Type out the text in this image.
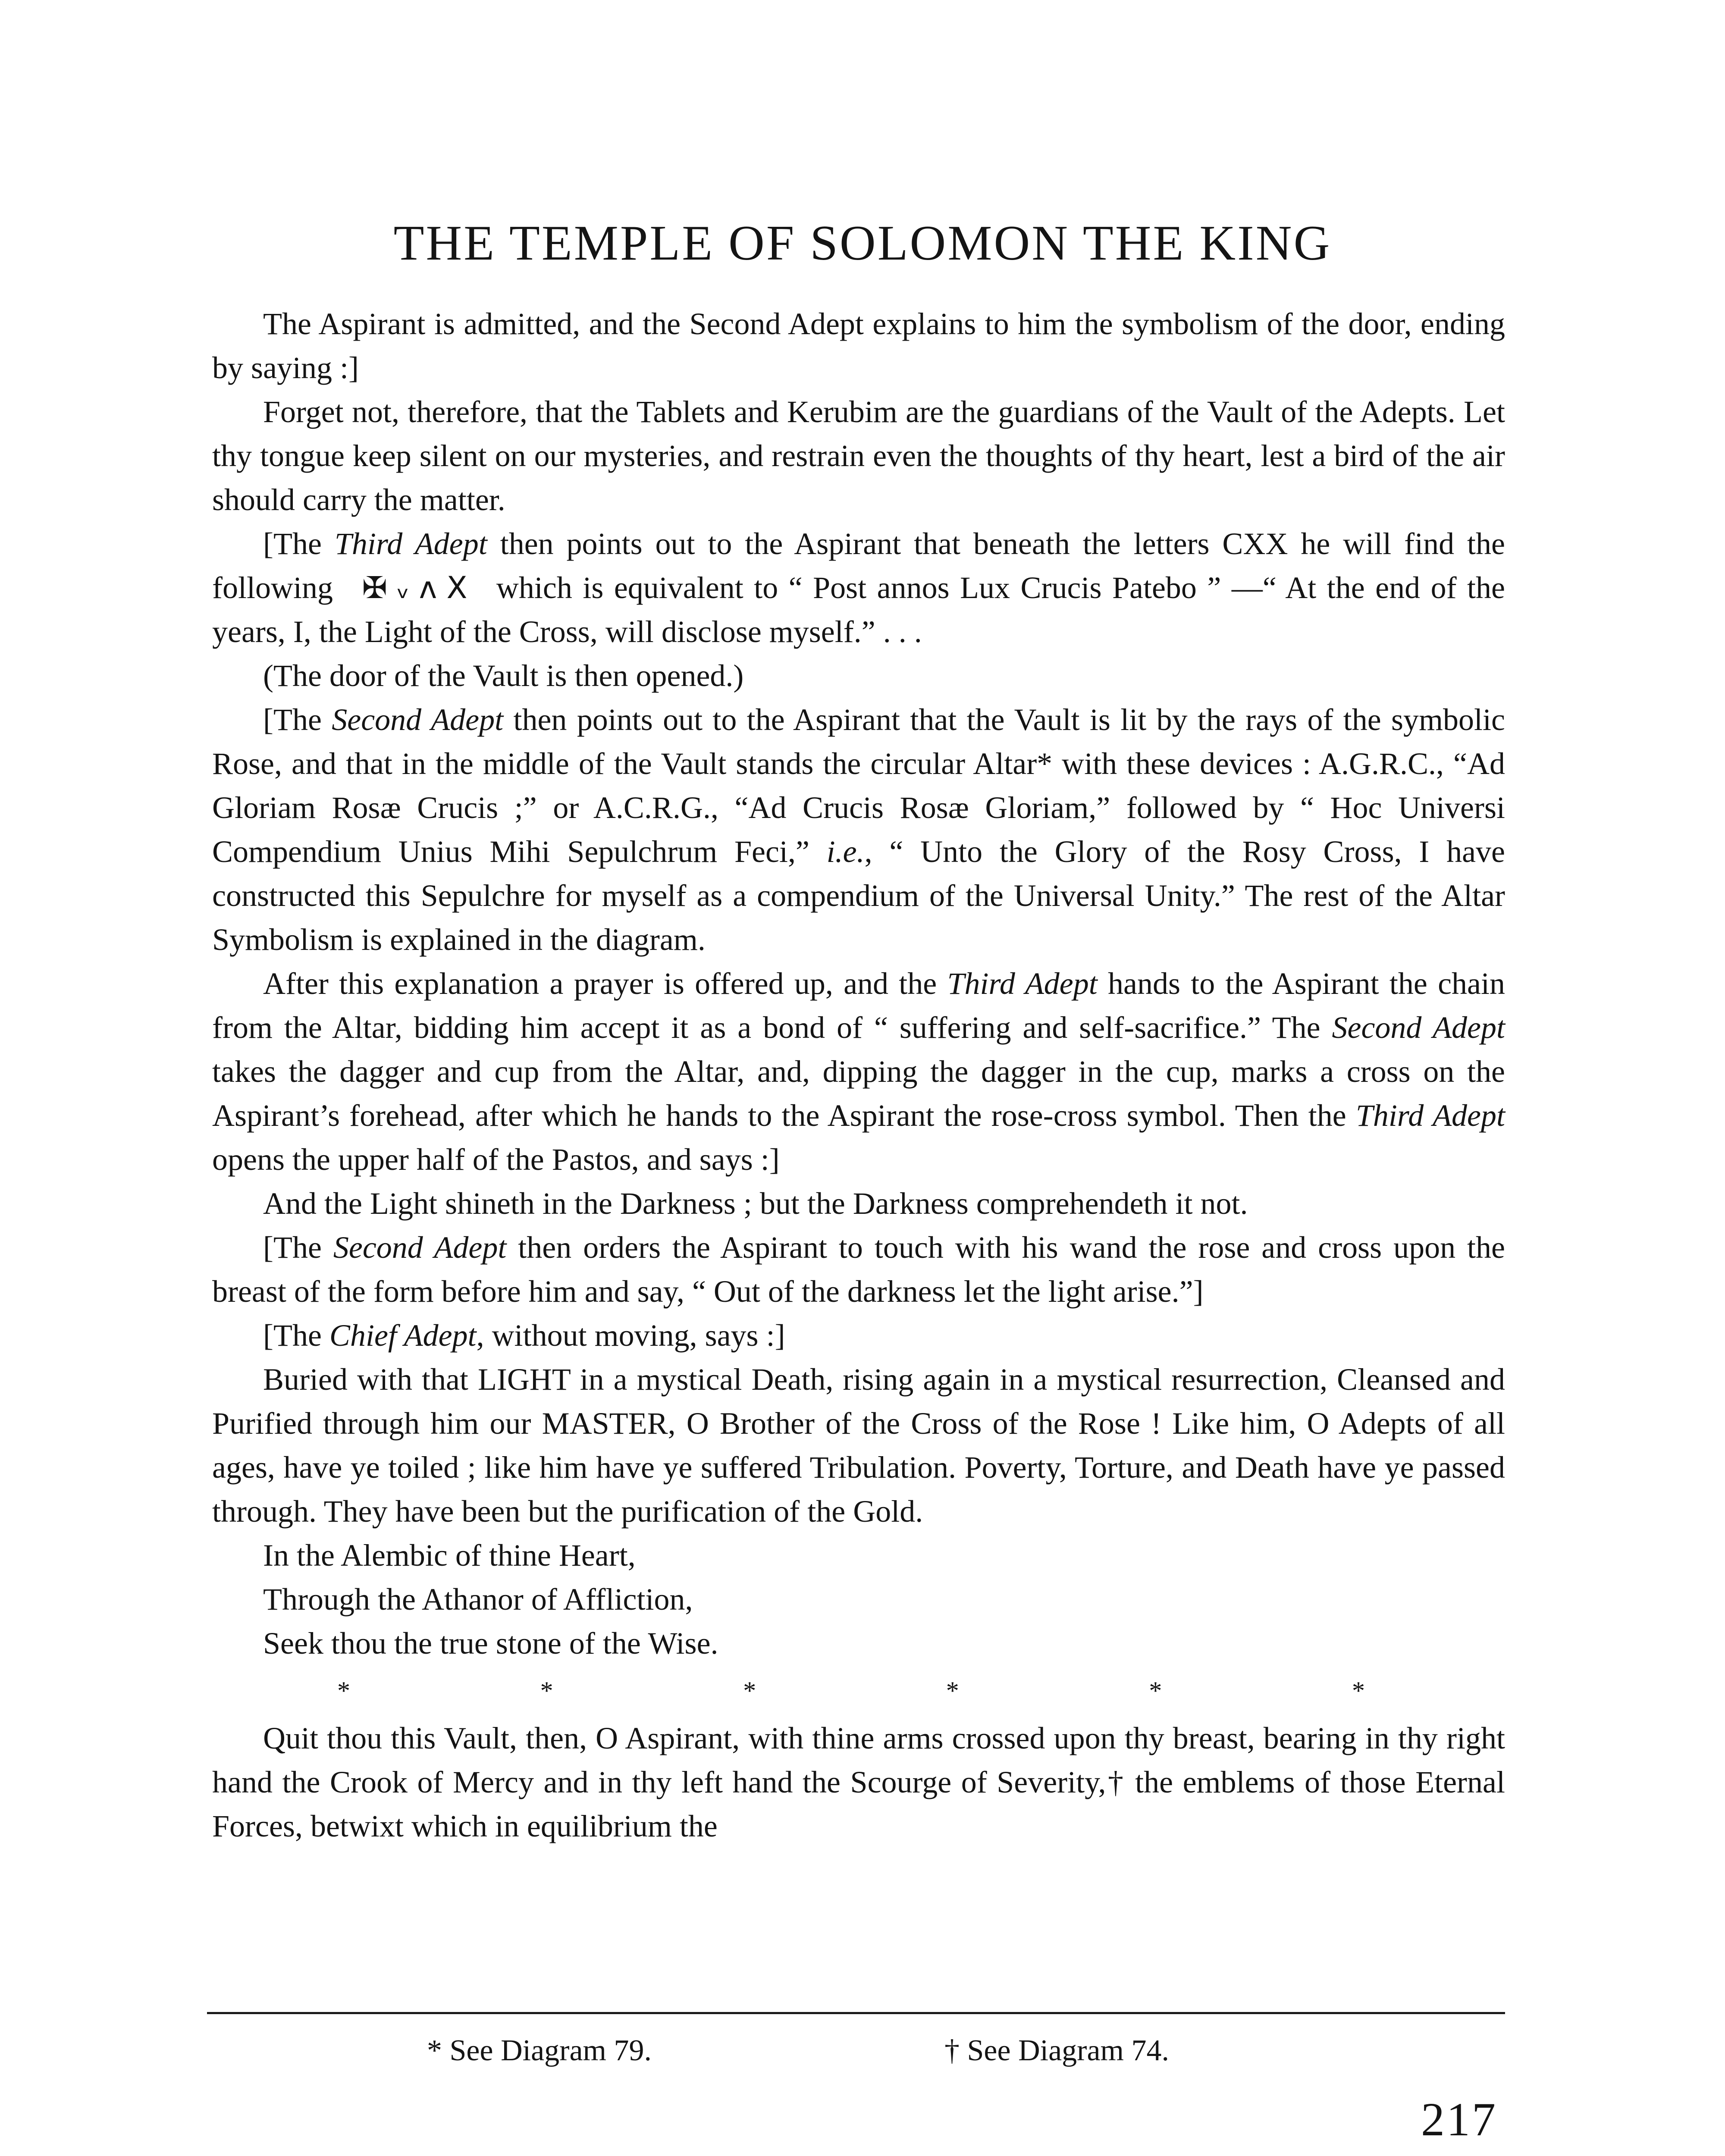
THE TEMPLE OF SOLOMON THE KING

The Aspirant is admitted, and the Second Adept explains to him the symbolism of the door, ending by saying :]

Forget not, therefore, that the Tablets and Kerubim are the guardians of the Vault of the Adepts. Let thy tongue keep silent on our mysteries, and restrain even the thoughts of thy heart, lest a bird of the air should carry the matter.

[The Third Adept then points out to the Aspirant that beneath the letters CXX he will find the following ✠ ᵥ ᴧ X which is equivalent to “ Post annos Lux Crucis Patebo ” —“ At the end of the years, I, the Light of the Cross, will disclose myself.” . . .

(The door of the Vault is then opened.)

[The Second Adept then points out to the Aspirant that the Vault is lit by the rays of the symbolic Rose, and that in the middle of the Vault stands the circular Altar* with these devices : A.G.R.C., “Ad Gloriam Rosæ Crucis ;” or A.C.R.G., “Ad Crucis Rosæ Gloriam,” followed by “ Hoc Universi Compendium Unius Mihi Sepulchrum Feci,” i.e., “ Unto the Glory of the Rosy Cross, I have constructed this Sepulchre for myself as a compendium of the Universal Unity.” The rest of the Altar Symbolism is explained in the diagram.

After this explanation a prayer is offered up, and the Third Adept hands to the Aspirant the chain from the Altar, bidding him accept it as a bond of “ suffering and self-sacrifice.” The Second Adept takes the dagger and cup from the Altar, and, dipping the dagger in the cup, marks a cross on the Aspirant’s forehead, after which he hands to the Aspirant the rose-cross symbol. Then the Third Adept opens the upper half of the Pastos, and says :]

And the Light shineth in the Darkness ; but the Darkness comprehendeth it not.

[The Second Adept then orders the Aspirant to touch with his wand the rose and cross upon the breast of the form before him and say, “ Out of the darkness let the light arise.”]

[The Chief Adept, without moving, says :]

Buried with that LIGHT in a mystical Death, rising again in a mystical resurrection, Cleansed and Purified through him our MASTER, O Brother of the Cross of the Rose ! Like him, O Adepts of all ages, have ye toiled ; like him have ye suffered Tribulation. Poverty, Torture, and Death have ye passed through. They have been but the purification of the Gold.

In the Alembic of thine Heart,

Through the Athanor of Affliction,

Seek thou the true stone of the Wise.

*	*	*	*	*	*

Quit thou this Vault, then, O Aspirant, with thine arms crossed upon thy breast, bearing in thy right hand the Crook of Mercy and in thy left hand the Scourge of Severity,† the emblems of those Eternal Forces, betwixt which in equilibrium the

* See Diagram 79.	† See Diagram 74.
217
